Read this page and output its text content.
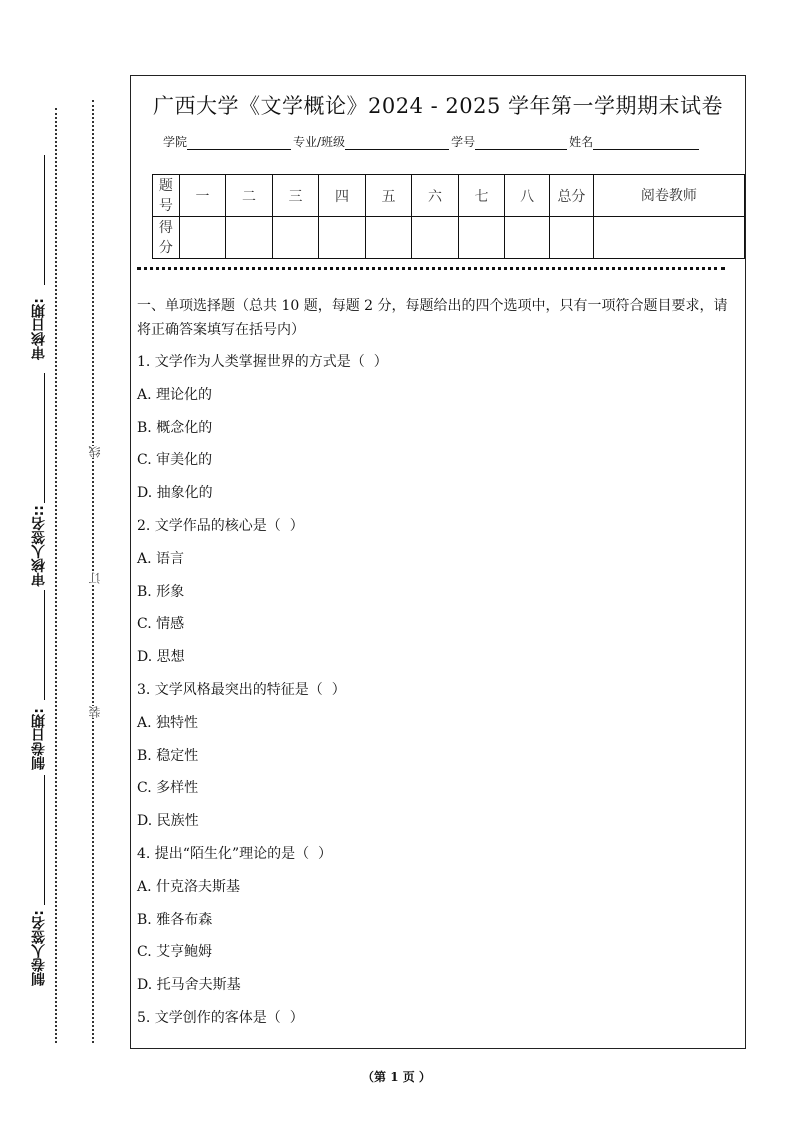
审核日期:
审核人签名::
制卷日期:
制卷人签名:
线
订
装
广西大学《文学概论》2024 - 2025 学年第一学期期末试卷
学院	专业/班级	学号	姓名
题号	一	二	三	四	五	六	七	八	总分	阅卷教师
得分										
一、单项选择题（总共 10 题，每题 2 分，每题给出的四个选项中，只有一项符合题目要求，请将正确答案填写在括号内）
1. 文学作为人类掌握世界的方式是（  ）
A. 理论化的
B. 概念化的
C. 审美化的
D. 抽象化的
2. 文学作品的核心是（  ）
A. 语言
B. 形象
C. 情感
D. 思想
3. 文学风格最突出的特征是（  ）
A. 独特性
B. 稳定性
C. 多样性
D. 民族性
4. 提出“陌生化”理论的是（  ）
A. 什克洛夫斯基
B. 雅各布森
C. 艾亨鲍姆
D. 托马舍夫斯基
5. 文学创作的客体是（  ）
（第 1 页 ）
